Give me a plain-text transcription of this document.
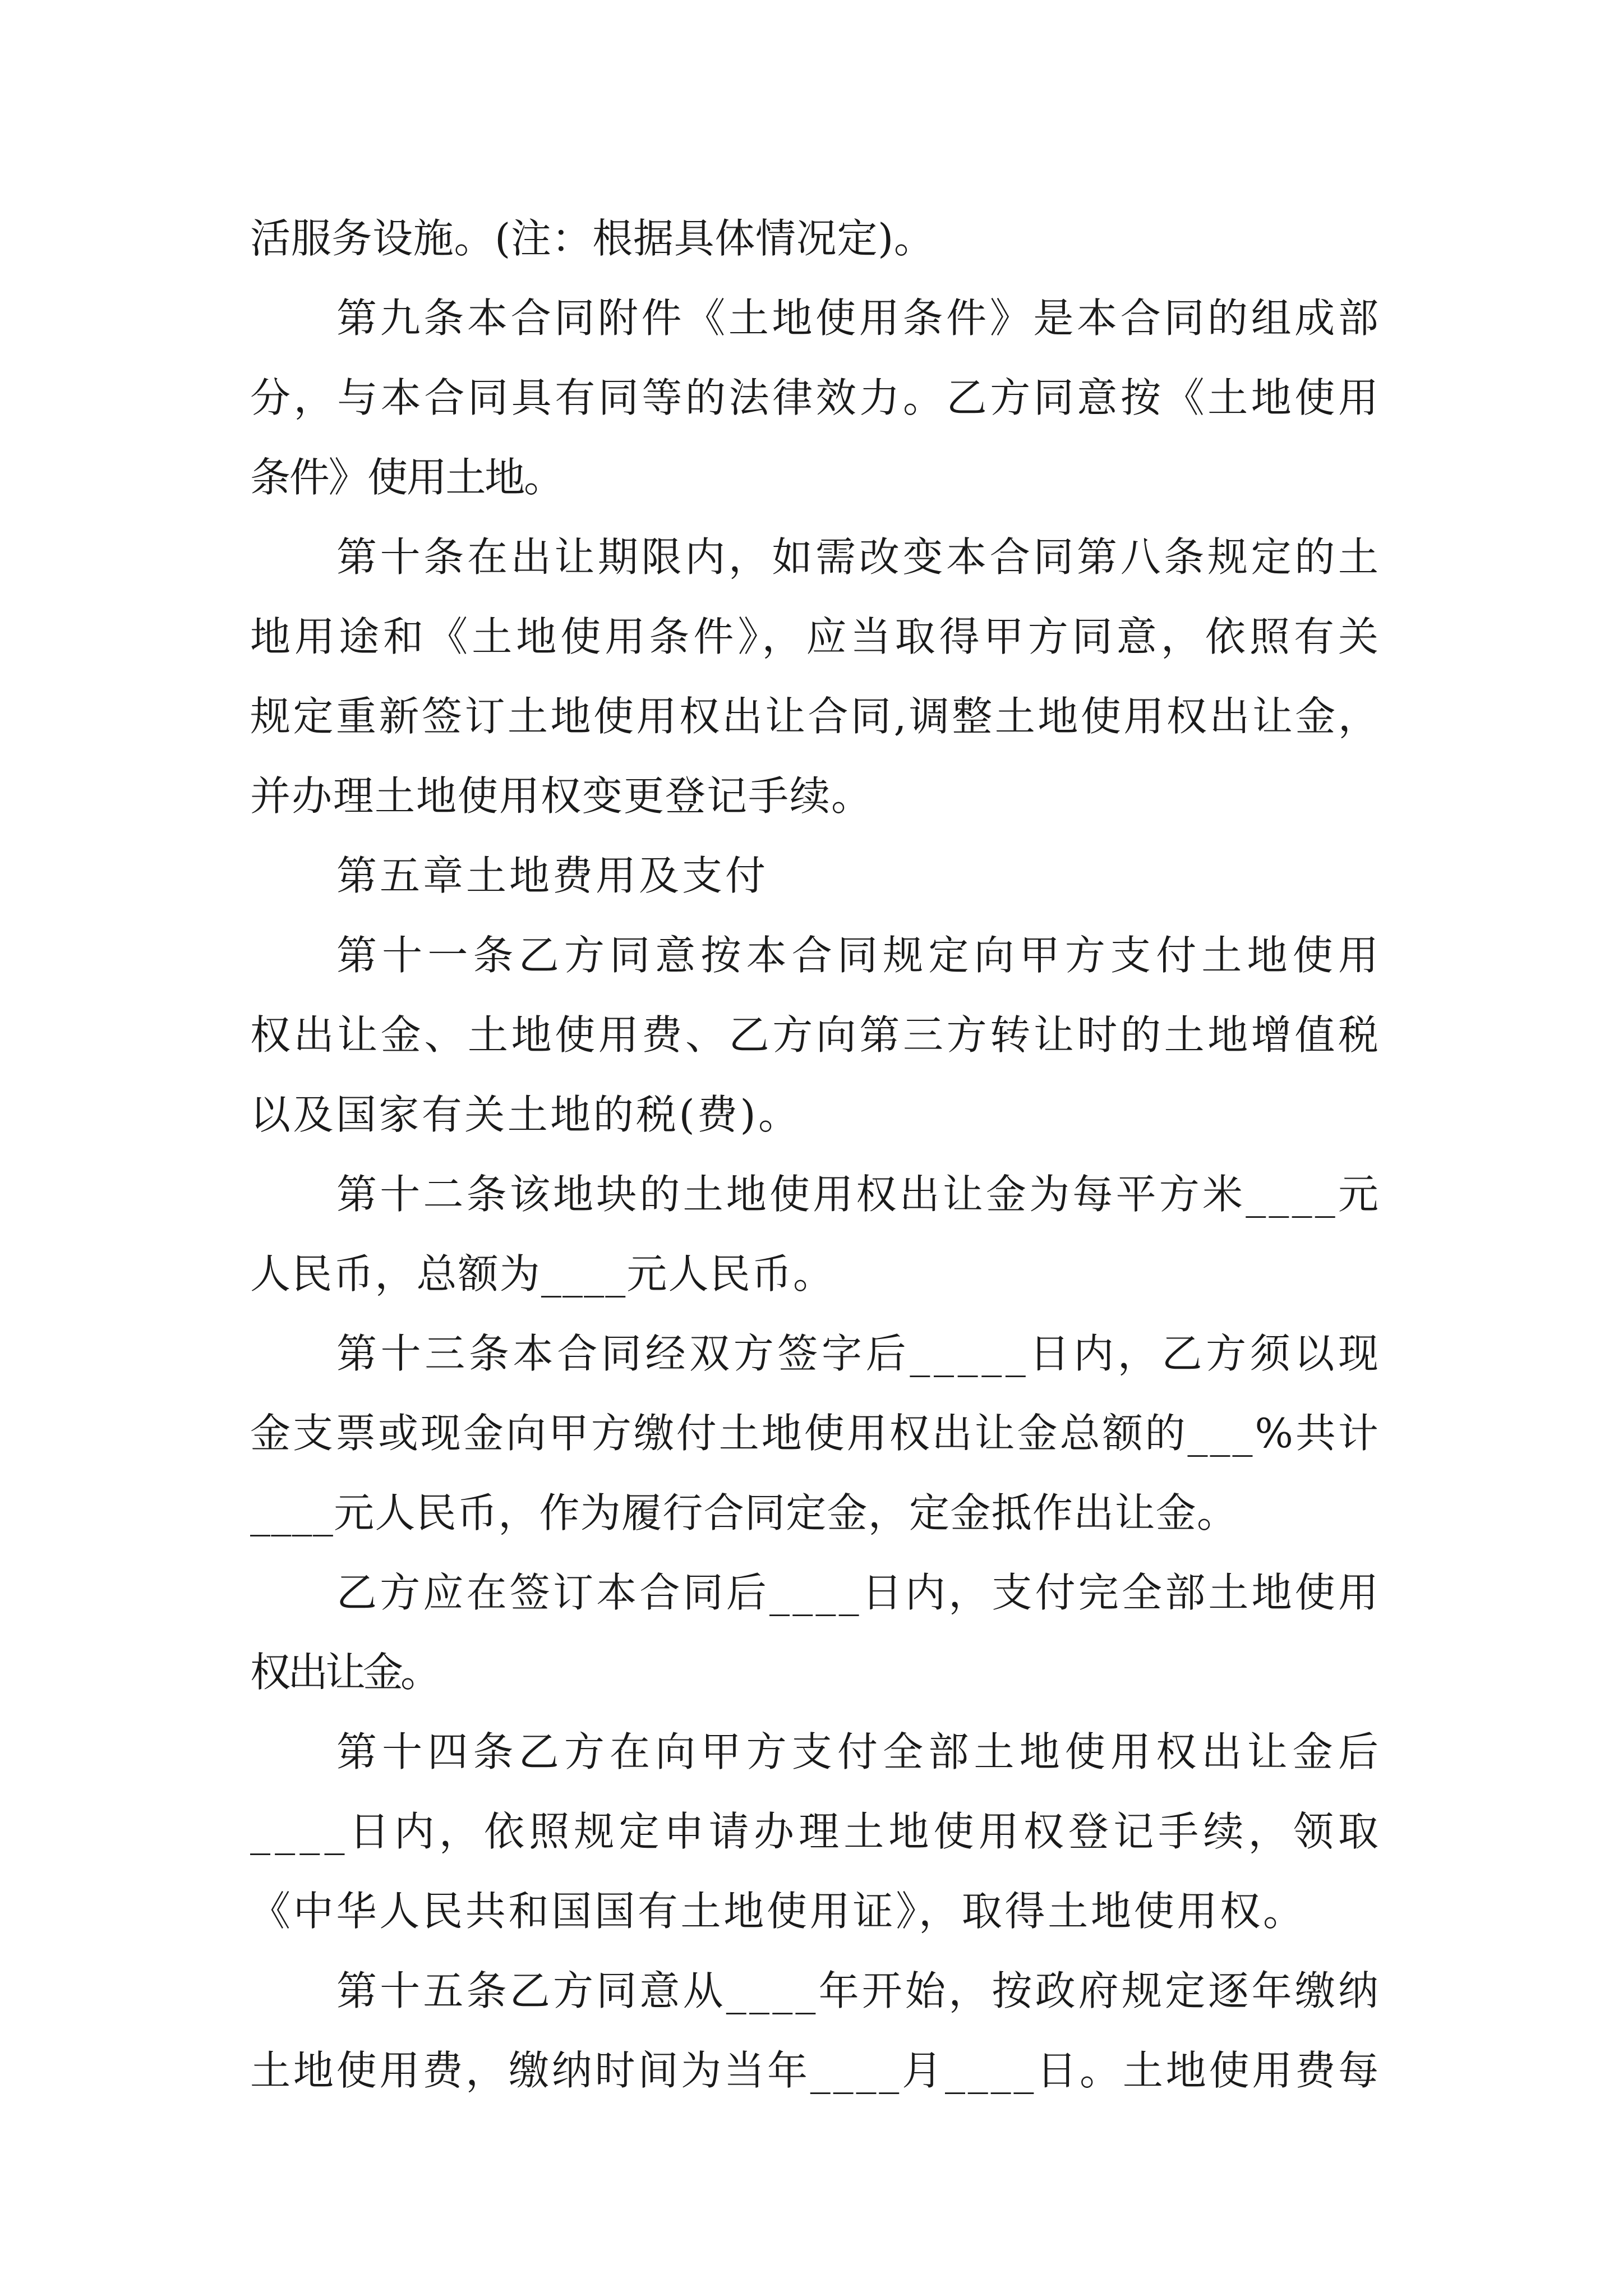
活服务设施。(注：根据具体情况定)。

第九条本合同附件《土地使用条件》是本合同的组成部

分，与本合同具有同等的法律效力。乙方同意按《土地使用

条件》使用土地。

第十条在出让期限内，如需改变本合同第八条规定的土

地用途和《土地使用条件》，应当取得甲方同意，依照有关

规定重新签订土地使用权出让合同,调整土地使用权出让金，

并办理土地使用权变更登记手续。

第五章土地费用及支付

第十一条乙方同意按本合同规定向甲方支付土地使用

权出让金、土地使用费、乙方向第三方转让时的土地增值税

以及国家有关土地的税(费)。

第十二条该地块的土地使用权出让金为每平方米____元

人民币，总额为____元人民币。

第十三条本合同经双方签字后_____日内，乙方须以现

金支票或现金向甲方缴付土地使用权出让金总额的___%共计

____元人民币，作为履行合同定金，定金抵作出让金。

乙方应在签订本合同后____日内，支付完全部土地使用

权出让金。

第十四条乙方在向甲方支付全部土地使用权出让金后

____日内，依照规定申请办理土地使用权登记手续，领取

《中华人民共和国国有土地使用证》，取得土地使用权。

第十五条乙方同意从____年开始，按政府规定逐年缴纳

土地使用费，缴纳时间为当年____月____日。土地使用费每
